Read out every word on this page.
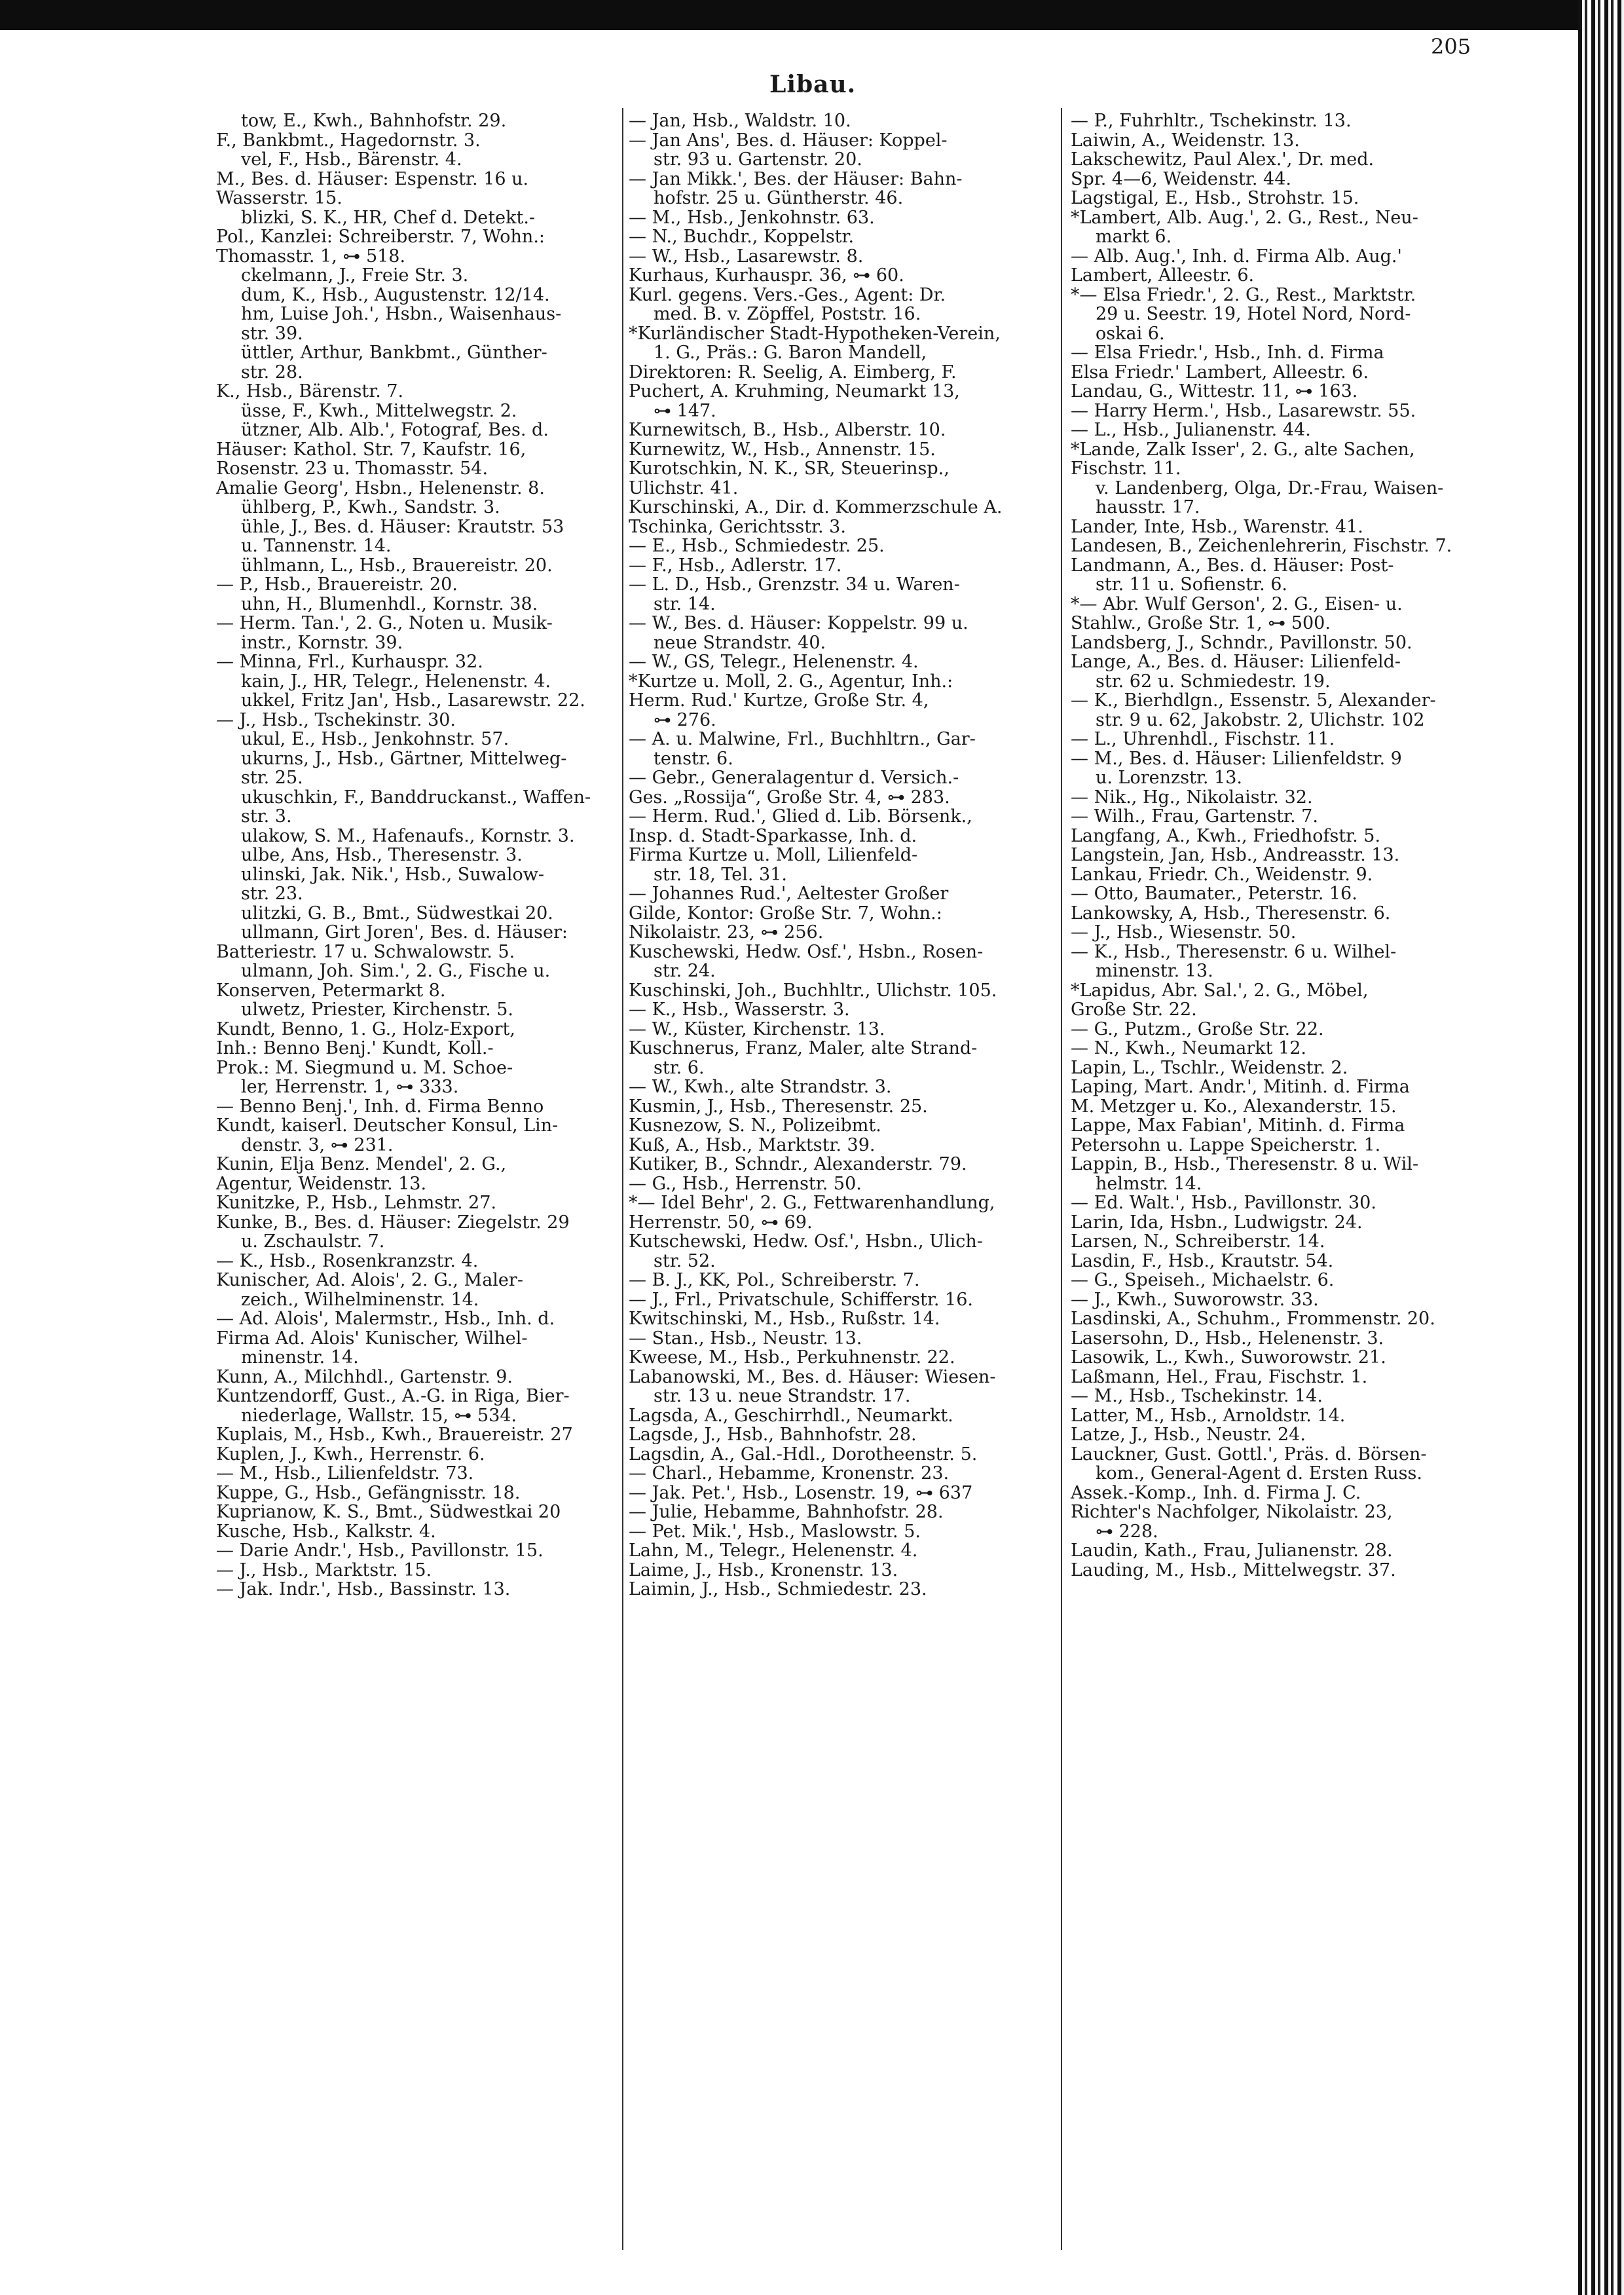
205
Libau.
tow, E., Kwh., Bahnhofstr. 29.
F., Bankbmt., Hagedornstr. 3.
vel, F., Hsb., Bärenstr. 4.
M., Bes. d. Häuser: Espenstr. 16 u.
Wasserstr. 15.
blizki, S. K., HR, Chef d. Detekt.-
Pol., Kanzlei: Schreiberstr. 7, Wohn.:
Thomasstr. 1, ⊶ 518.
ckelmann, J., Freie Str. 3.
dum, K., Hsb., Augustenstr. 12/14.
hm, Luise Joh.', Hsbn., Waisenhaus-
str. 39.
üttler, Arthur, Bankbmt., Günther-
str. 28.
K., Hsb., Bärenstr. 7.
üsse, F., Kwh., Mittelwegstr. 2.
ützner, Alb. Alb.', Fotograf, Bes. d.
Häuser: Kathol. Str. 7, Kaufstr. 16,
Rosenstr. 23 u. Thomasstr. 54.
Amalie Georg', Hsbn., Helenenstr. 8.
ühlberg, P., Kwh., Sandstr. 3.
ühle, J., Bes. d. Häuser: Krautstr. 53
u. Tannenstr. 14.
ühlmann, L., Hsb., Brauereistr. 20.
— P., Hsb., Brauereistr. 20.
uhn, H., Blumenhdl., Kornstr. 38.
— Herm. Tan.', 2. G., Noten u. Musik-
instr., Kornstr. 39.
— Minna, Frl., Kurhauspr. 32.
kain, J., HR, Telegr., Helenenstr. 4.
ukkel, Fritz Jan', Hsb., Lasarewstr. 22.
— J., Hsb., Tschekinstr. 30.
ukul, E., Hsb., Jenkohnstr. 57.
ukurns, J., Hsb., Gärtner, Mittelweg-
str. 25.
ukuschkin, F., Banddruckanst., Waffen-
str. 3.
ulakow, S. M., Hafenaufs., Kornstr. 3.
ulbe, Ans, Hsb., Theresenstr. 3.
ulinski, Jak. Nik.', Hsb., Suwalow-
str. 23.
ulitzki, G. B., Bmt., Südwestkai 20.
ullmann, Girt Joren', Bes. d. Häuser:
Batteriestr. 17 u. Schwalowstr. 5.
ulmann, Joh. Sim.', 2. G., Fische u.
Konserven, Petermarkt 8.
ulwetz, Priester, Kirchenstr. 5.
Kundt, Benno, 1. G., Holz-Export,
Inh.: Benno Benj.' Kundt, Koll.-
Prok.: M. Siegmund u. M. Schoe-
ler, Herrenstr. 1, ⊶ 333.
— Benno Benj.', Inh. d. Firma Benno
Kundt, kaiserl. Deutscher Konsul, Lin-
denstr. 3, ⊶ 231.
Kunin, Elja Benz. Mendel', 2. G.,
Agentur, Weidenstr. 13.
Kunitzke, P., Hsb., Lehmstr. 27.
Kunke, B., Bes. d. Häuser: Ziegelstr. 29
u. Zschaulstr. 7.
— K., Hsb., Rosenkranzstr. 4.
Kunischer, Ad. Alois', 2. G., Maler-
zeich., Wilhelminenstr. 14.
— Ad. Alois', Malermstr., Hsb., Inh. d.
Firma Ad. Alois' Kunischer, Wilhel-
minenstr. 14.
Kunn, A., Milchhdl., Gartenstr. 9.
Kuntzendorff, Gust., A.-G. in Riga, Bier-
niederlage, Wallstr. 15, ⊶ 534.
Kuplais, M., Hsb., Kwh., Brauereistr. 27
Kuplen, J., Kwh., Herrenstr. 6.
— M., Hsb., Lilienfeldstr. 73.
Kuppe, G., Hsb., Gefängnisstr. 18.
Kuprianow, K. S., Bmt., Südwestkai 20
Kusche, Hsb., Kalkstr. 4.
— Darie Andr.', Hsb., Pavillonstr. 15.
— J., Hsb., Marktstr. 15.
— Jak. Indr.', Hsb., Bassinstr. 13.
— Jan, Hsb., Waldstr. 10.
— Jan Ans', Bes. d. Häuser: Koppel-
str. 93 u. Gartenstr. 20.
— Jan Mikk.', Bes. der Häuser: Bahn-
hofstr. 25 u. Güntherstr. 46.
— M., Hsb., Jenkohnstr. 63.
— N., Buchdr., Koppelstr.
— W., Hsb., Lasarewstr. 8.
Kurhaus, Kurhauspr. 36, ⊶ 60.
Kurl. gegens. Vers.-Ges., Agent: Dr.
med. B. v. Zöpffel, Poststr. 16.
*Kurländischer Stadt-Hypotheken-Verein,
1. G., Präs.: G. Baron Mandell,
Direktoren: R. Seelig, A. Eimberg, F.
Puchert, A. Kruhming, Neumarkt 13,
⊶ 147.
Kurnewitsch, B., Hsb., Alberstr. 10.
Kurnewitz, W., Hsb., Annenstr. 15.
Kurotschkin, N. K., SR, Steuerinsp.,
Ulichstr. 41.
Kurschinski, A., Dir. d. Kommerzschule A.
Tschinka, Gerichtsstr. 3.
— E., Hsb., Schmiedestr. 25.
— F., Hsb., Adlerstr. 17.
— L. D., Hsb., Grenzstr. 34 u. Waren-
str. 14.
— W., Bes. d. Häuser: Koppelstr. 99 u.
neue Strandstr. 40.
— W., GS, Telegr., Helenenstr. 4.
*Kurtze u. Moll, 2. G., Agentur, Inh.:
Herm. Rud.' Kurtze, Große Str. 4,
⊶ 276.
— A. u. Malwine, Frl., Buchhltrn., Gar-
tenstr. 6.
— Gebr., Generalagentur d. Versich.-
Ges. „Rossija“, Große Str. 4, ⊶ 283.
— Herm. Rud.', Glied d. Lib. Börsenk.,
Insp. d. Stadt-Sparkasse, Inh. d.
Firma Kurtze u. Moll, Lilienfeld-
str. 18, Tel. 31.
— Johannes Rud.', Aeltester Großer
Gilde, Kontor: Große Str. 7, Wohn.:
Nikolaistr. 23, ⊶ 256.
Kuschewski, Hedw. Osf.', Hsbn., Rosen-
str. 24.
Kuschinski, Joh., Buchhltr., Ulichstr. 105.
— K., Hsb., Wasserstr. 3.
— W., Küster, Kirchenstr. 13.
Kuschnerus, Franz, Maler, alte Strand-
str. 6.
— W., Kwh., alte Strandstr. 3.
Kusmin, J., Hsb., Theresenstr. 25.
Kusnezow, S. N., Polizeibmt.
Kuß, A., Hsb., Marktstr. 39.
Kutiker, B., Schndr., Alexanderstr. 79.
— G., Hsb., Herrenstr. 50.
*— Idel Behr', 2. G., Fettwarenhandlung,
Herrenstr. 50, ⊶ 69.
Kutschewski, Hedw. Osf.', Hsbn., Ulich-
str. 52.
— B. J., KK, Pol., Schreiberstr. 7.
— J., Frl., Privatschule, Schifferstr. 16.
Kwitschinski, M., Hsb., Rußstr. 14.
— Stan., Hsb., Neustr. 13.
Kweese, M., Hsb., Perkuhnenstr. 22.
Labanowski, M., Bes. d. Häuser: Wiesen-
str. 13 u. neue Strandstr. 17.
Lagsda, A., Geschirrhdl., Neumarkt.
Lagsde, J., Hsb., Bahnhofstr. 28.
Lagsdin, A., Gal.-Hdl., Dorotheenstr. 5.
— Charl., Hebamme, Kronenstr. 23.
— Jak. Pet.', Hsb., Losenstr. 19, ⊶ 637
— Julie, Hebamme, Bahnhofstr. 28.
— Pet. Mik.', Hsb., Maslowstr. 5.
Lahn, M., Telegr., Helenenstr. 4.
Laime, J., Hsb., Kronenstr. 13.
Laimin, J., Hsb., Schmiedestr. 23.
— P., Fuhrhltr., Tschekinstr. 13.
Laiwin, A., Weidenstr. 13.
Lakschewitz, Paul Alex.', Dr. med.
Spr. 4—6, Weidenstr. 44.
Lagstigal, E., Hsb., Strohstr. 15.
*Lambert, Alb. Aug.', 2. G., Rest., Neu-
markt 6.
— Alb. Aug.', Inh. d. Firma Alb. Aug.'
Lambert, Alleestr. 6.
*— Elsa Friedr.', 2. G., Rest., Marktstr.
29 u. Seestr. 19, Hotel Nord, Nord-
oskai 6.
— Elsa Friedr.', Hsb., Inh. d. Firma
Elsa Friedr.' Lambert, Alleestr. 6.
Landau, G., Wittestr. 11, ⊶ 163.
— Harry Herm.', Hsb., Lasarewstr. 55.
— L., Hsb., Julianenstr. 44.
*Lande, Zalk Isser', 2. G., alte Sachen,
Fischstr. 11.
v. Landenberg, Olga, Dr.-Frau, Waisen-
hausstr. 17.
Lander, Inte, Hsb., Warenstr. 41.
Landesen, B., Zeichenlehrerin, Fischstr. 7.
Landmann, A., Bes. d. Häuser: Post-
str. 11 u. Sofienstr. 6.
*— Abr. Wulf Gerson', 2. G., Eisen- u.
Stahlw., Große Str. 1, ⊶ 500.
Landsberg, J., Schndr., Pavillonstr. 50.
Lange, A., Bes. d. Häuser: Lilienfeld-
str. 62 u. Schmiedestr. 19.
— K., Bierhdlgn., Essenstr. 5, Alexander-
str. 9 u. 62, Jakobstr. 2, Ulichstr. 102
— L., Uhrenhdl., Fischstr. 11.
— M., Bes. d. Häuser: Lilienfeldstr. 9
u. Lorenzstr. 13.
— Nik., Hg., Nikolaistr. 32.
— Wilh., Frau, Gartenstr. 7.
Langfang, A., Kwh., Friedhofstr. 5.
Langstein, Jan, Hsb., Andreasstr. 13.
Lankau, Friedr. Ch., Weidenstr. 9.
— Otto, Baumater., Peterstr. 16.
Lankowsky, A, Hsb., Theresenstr. 6.
— J., Hsb., Wiesenstr. 50.
— K., Hsb., Theresenstr. 6 u. Wilhel-
minenstr. 13.
*Lapidus, Abr. Sal.', 2. G., Möbel,
Große Str. 22.
— G., Putzm., Große Str. 22.
— N., Kwh., Neumarkt 12.
Lapin, L., Tschlr., Weidenstr. 2.
Laping, Mart. Andr.', Mitinh. d. Firma
M. Metzger u. Ko., Alexanderstr. 15.
Lappe, Max Fabian', Mitinh. d. Firma
Petersohn u. Lappe Speicherstr. 1.
Lappin, B., Hsb., Theresenstr. 8 u. Wil-
helmstr. 14.
— Ed. Walt.', Hsb., Pavillonstr. 30.
Larin, Ida, Hsbn., Ludwigstr. 24.
Larsen, N., Schreiberstr. 14.
Lasdin, F., Hsb., Krautstr. 54.
— G., Speiseh., Michaelstr. 6.
— J., Kwh., Suworowstr. 33.
Lasdinski, A., Schuhm., Frommenstr. 20.
Lasersohn, D., Hsb., Helenenstr. 3.
Lasowik, L., Kwh., Suworowstr. 21.
Laßmann, Hel., Frau, Fischstr. 1.
— M., Hsb., Tschekinstr. 14.
Latter, M., Hsb., Arnoldstr. 14.
Latze, J., Hsb., Neustr. 24.
Lauckner, Gust. Gottl.', Präs. d. Börsen-
kom., General-Agent d. Ersten Russ.
Assek.-Komp., Inh. d. Firma J. C.
Richter's Nachfolger, Nikolaistr. 23,
⊶ 228.
Laudin, Kath., Frau, Julianenstr. 28.
Lauding, M., Hsb., Mittelwegstr. 37.
